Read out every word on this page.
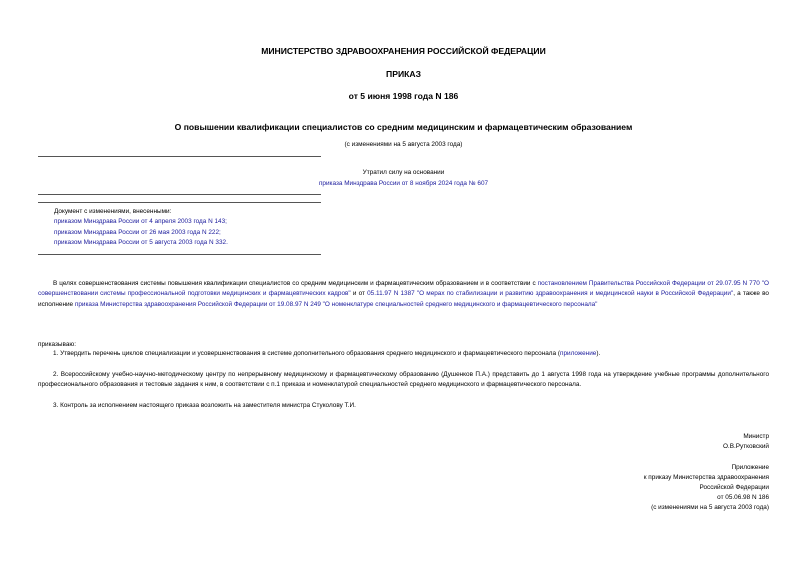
МИНИСТЕРСТВО ЗДРАВООХРАНЕНИЯ РОССИЙСКОЙ ФЕДЕРАЦИИ
ПРИКАЗ
от 5 июня 1998 года N 186
О повышении квалификации специалистов со средним медицинским и фармацевтическим образованием
(с изменениями на 5 августа 2003 года)
Утратил силу на основании
приказа Минздрава России от 8 ноября 2024 года № 607
Документ с изменениями, внесенными:
приказом Минздрава России от 4 апреля 2003 года N 143;
приказом Минздрава России от 26 мая 2003 года N 222;
приказом Минздрава России от 5 августа 2003 года N 332.
В целях совершенствования системы повышения квалификации специалистов со средним медицинским и фармацевтическим образованием и в соответствии с постановлением Правительства Российской Федерации от 29.07.95 N 770 "О совершенствовании системы профессиональной подготовки медицинских и фармацевтических кадров" и от 05.11.97 N 1387 "О мерах по стабилизации и развитию здравоохранения и медицинской науки в Российской Федерации", а также во исполнение приказа Министерства здравоохранения Российской Федерации от 19.08.97 N 249 "О номенклатуре специальностей среднего медицинского и фармацевтического персонала"
приказываю:
1. Утвердить перечень циклов специализации и усовершенствования в системе дополнительного образования среднего медицинского и фармацевтического персонала (приложение).
2. Всероссийскому учебно-научно-методическому центру по непрерывному медицинскому и фармацевтическому образованию (Душенков П.А.) представить до 1 августа 1998 года на утверждение учебные программы дополнительного профессионального образования и тестовые задания к ним, в соответствии с п.1 приказа и номенклатурой специальностей среднего медицинского и фармацевтического персонала.
3. Контроль за исполнением настоящего приказа возложить на заместителя министра Стуколову Т.И.
Министр
О.В.Рутковский
Приложение
к приказу Министерства здравоохранения
Российской Федерации
от 05.06.98 N 186
(с изменениями на 5 августа 2003 года)
